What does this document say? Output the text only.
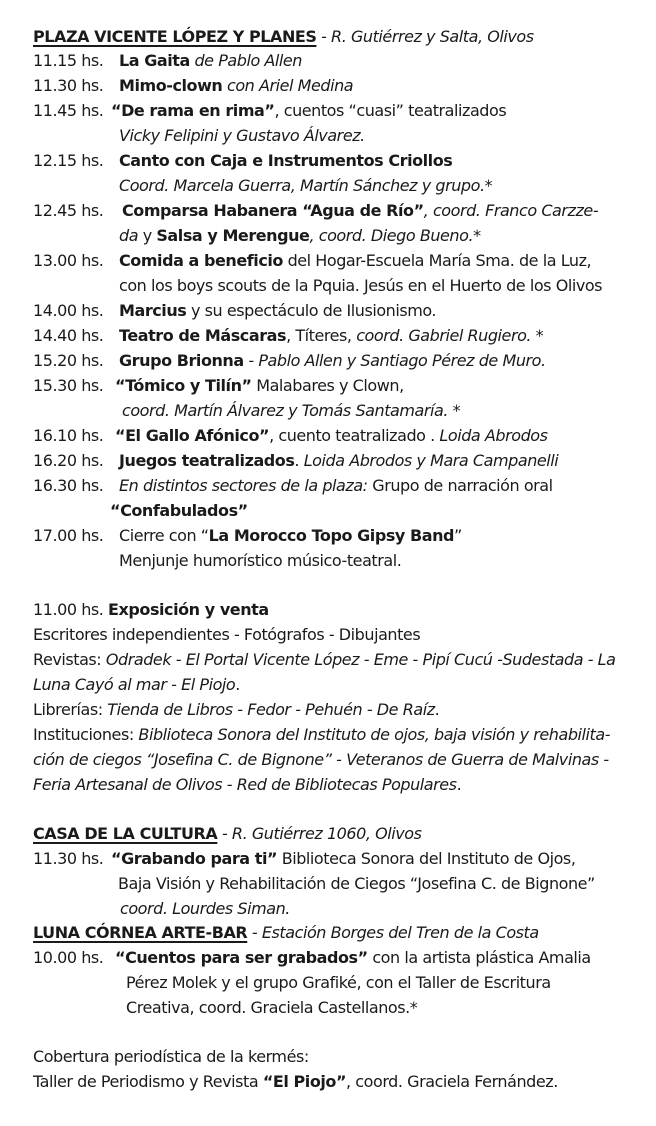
PLAZA VICENTE LÓPEZ Y PLANES - R. Gutiérrez y Salta, Olivos
11.15 hs. La Gaita de Pablo Allen
11.30 hs. Mimo-clown con Ariel Medina
11.45 hs. “De rama en rima”, cuentos “cuasi” teatralizados
Vicky Felipini y Gustavo Álvarez.
12.15 hs. Canto con Caja e Instrumentos Criollos
Coord. Marcela Guerra, Martín Sánchez y grupo.*
12.45 hs. Comparsa Habanera “Agua de Río”, coord. Franco Carzze-
da y Salsa y Merengue, coord. Diego Bueno.*
13.00 hs. Comida a beneficio del Hogar-Escuela María Sma. de la Luz,
con los boys scouts de la Pquia. Jesús en el Huerto de los Olivos
14.00 hs. Marcius y su espectáculo de Ilusionismo.
14.40 hs. Teatro de Máscaras, Títeres, coord. Gabriel Rugiero. *
15.20 hs. Grupo Brionna - Pablo Allen y Santiago Pérez de Muro.
15.30 hs. “Tómico y Tilín” Malabares y Clown,
coord. Martín Álvarez y Tomás Santamaría. *
16.10 hs. “El Gallo Afónico”, cuento teatralizado . Loida Abrodos
16.20 hs. Juegos teatralizados. Loida Abrodos y Mara Campanelli
16.30 hs. En distintos sectores de la plaza: Grupo de narración oral
“Confabulados”
17.00 hs. Cierre con “La Morocco Topo Gipsy Band”
Menjunje humorístico músico-teatral.
11.00 hs. Exposición y venta
Escritores independientes - Fotógrafos - Dibujantes
Revistas: Odradek - El Portal Vicente López - Eme - Pipí Cucú -Sudestada - La
Luna Cayó al mar - El Piojo.
Librerías: Tienda de Libros - Fedor - Pehuén - De Raíz.
Instituciones: Biblioteca Sonora del Instituto de ojos, baja visión y rehabilita-
ción de ciegos “Josefina C. de Bignone” - Veteranos de Guerra de Malvinas -
Feria Artesanal de Olivos - Red de Bibliotecas Populares.
CASA DE LA CULTURA - R. Gutiérrez 1060, Olivos
11.30 hs. “Grabando para ti” Biblioteca Sonora del Instituto de Ojos,
Baja Visión y Rehabilitación de Ciegos “Josefina C. de Bignone”
coord. Lourdes Siman.
LUNA CÓRNEA ARTE-BAR - Estación Borges del Tren de la Costa
10.00 hs. “Cuentos para ser grabados” con la artista plástica Amalia
Pérez Molek y el grupo Grafiké, con el Taller de Escritura
Creativa, coord. Graciela Castellanos.*
Cobertura periodística de la kermés:
Taller de Periodismo y Revista “El Piojo”, coord. Graciela Fernández.
